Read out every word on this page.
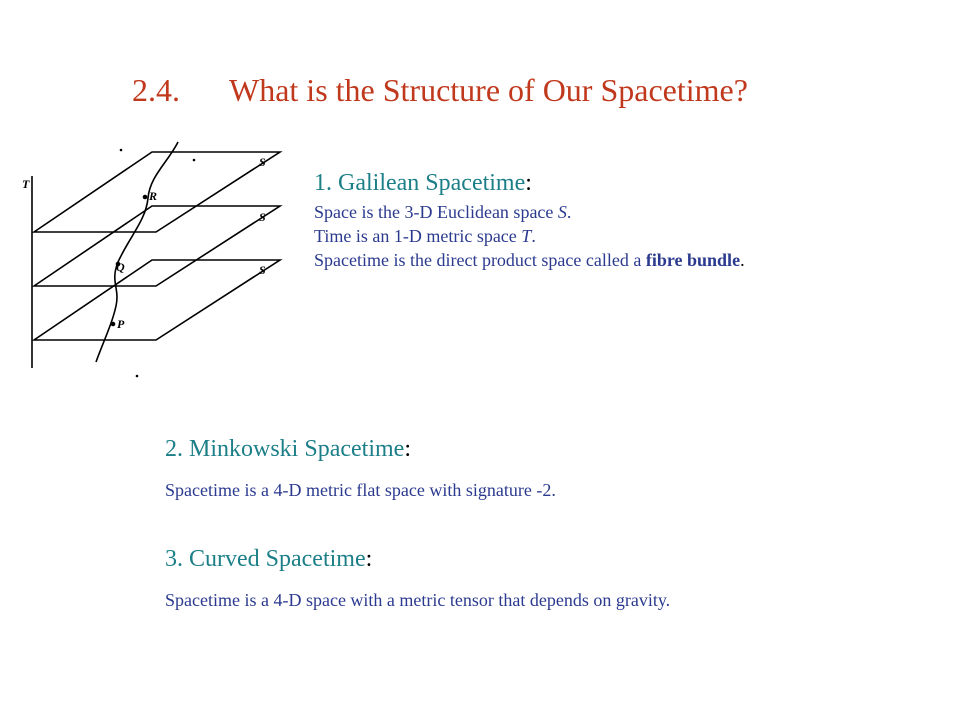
2.4. What is the Structure of Our Spacetime?
T
S
S
S
R
Q
P
1. Galilean Spacetime:
Space is the 3-D Euclidean space S.
Time is an 1-D metric space T.
Spacetime is the direct product space called a fibre bundle.
2. Minkowski Spacetime:
Spacetime is a 4-D metric flat space with signature -2.
3. Curved Spacetime:
Spacetime is a 4-D space with a metric tensor that depends on gravity.
